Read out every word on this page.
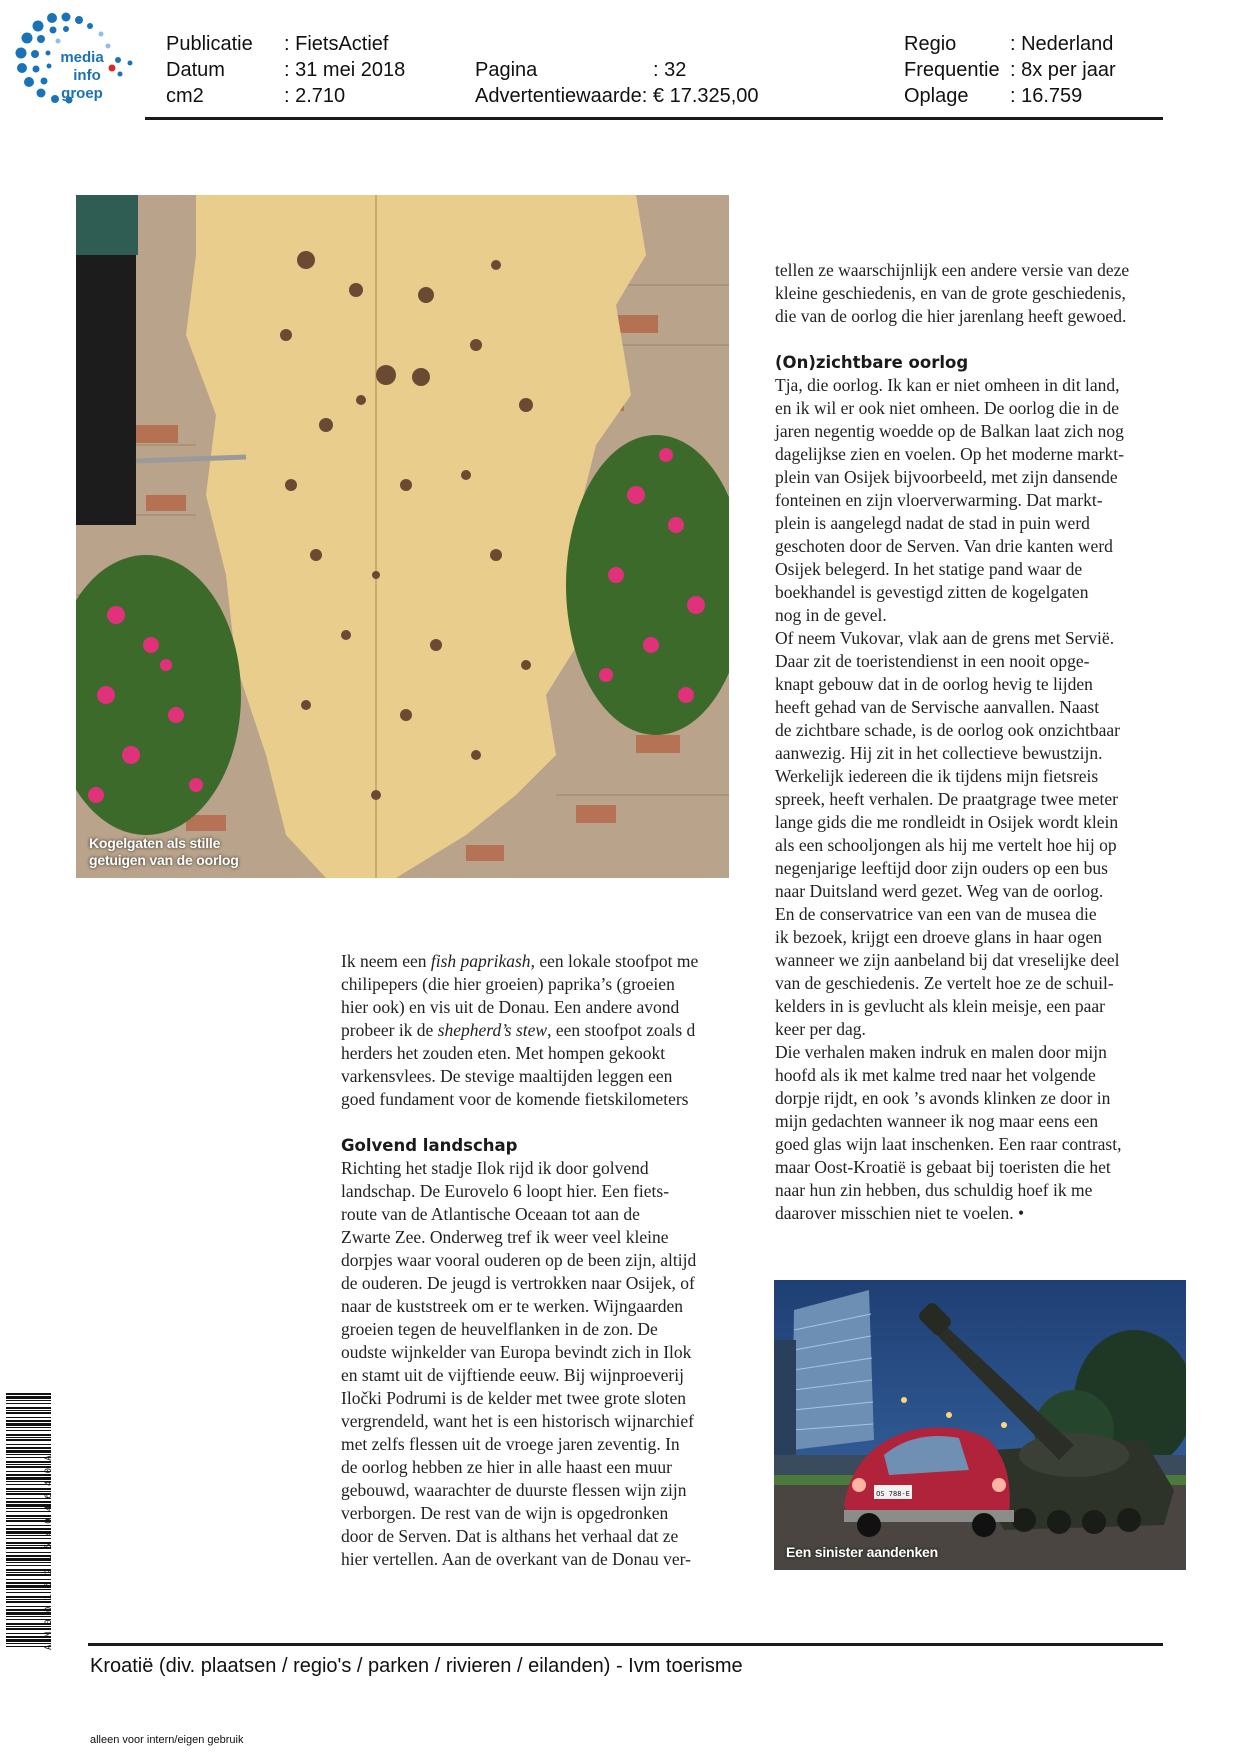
media
info
groep
Publicatie : FietsActief
Datum	: 31 mei 2018
cm2	: 2.710
Pagina	: 32
Advertentiewaarde: € 17.325,00
Regio	: Nederland
Frequentie : 8x per jaar
Oplage : 16.759
Kogelgaten als stille
getuigen van de oorlog

tellen ze waarschijnlijk een andere versie van deze

kleine geschiedenis, en van de grote geschiedenis,

die van de oorlog die hier jarenlang heeft gewoed.

(On)zichtbare oorlog

Tja, die oorlog. Ik kan er niet omheen in dit land,

en ik wil er ook niet omheen. De oorlog die in de

jaren negentig woedde op de Balkan laat zich nog

dagelijkse zien en voelen. Op het moderne markt-

plein van Osijek bijvoorbeeld, met zijn dansende

fonteinen en zijn vloerverwarming. Dat markt-

plein is aangelegd nadat de stad in puin werd

geschoten door de Serven. Van drie kanten werd

Osijek belegerd. In het statige pand waar de

boekhandel is gevestigd zitten de kogelgaten

nog in de gevel.

Of neem Vukovar, vlak aan de grens met Servië.

Daar zit de toeristendienst in een nooit opge-

knapt gebouw dat in de oorlog hevig te lijden

heeft gehad van de Servische aanvallen. Naast

de zichtbare schade, is de oorlog ook onzichtbaar

aanwezig. Hij zit in het collectieve bewustzijn.

Werkelijk iedereen die ik tijdens mijn fietsreis

spreek, heeft verhalen. De praatgrage twee meter

lange gids die me rondleidt in Osijek wordt klein

als een schooljongen als hij me vertelt hoe hij op

negenjarige leeftijd door zijn ouders op een bus

naar Duitsland werd gezet. Weg van de oorlog.

En de conservatrice van een van de musea die

ik bezoek, krijgt een droeve glans in haar ogen

wanneer we zijn aanbeland bij dat vreselijke deel

van de geschiedenis. Ze vertelt hoe ze de schuil-

kelders in is gevlucht als klein meisje, een paar

keer per dag.

Die verhalen maken indruk en malen door mijn

hoofd als ik met kalme tred naar het volgende

dorpje rijdt, en ook ’s avonds klinken ze door in

mijn gedachten wanneer ik nog maar eens een

goed glas wijn laat inschenken. Een raar contrast,

maar Oost-Kroatië is gebaat bij toeristen die het

naar hun zin hebben, dus schuldig hoef ik me

daarover misschien niet te voelen. •

Ik neem een fish paprikash, een lokale stoofpot me

chilipepers (die hier groeien) paprika’s (groeien

hier ook) en vis uit de Donau. Een andere avond

probeer ik de shepherd’s stew, een stoofpot zoals d

herders het zouden eten. Met hompen gekookt

varkensvlees. De stevige maaltijden leggen een

goed fundament voor de komende fietskilometers

Golvend landschap

Richting het stadje Ilok rijd ik door golvend

landschap. De Eurovelo 6 loopt hier. Een fiets-

route van de Atlantische Oceaan tot aan de

Zwarte Zee. Onderweg tref ik weer veel kleine

dorpjes waar vooral ouderen op de been zijn, altijd

de ouderen. De jeugd is vertrokken naar Osijek, of

naar de kuststreek om er te werken. Wijngaarden

groeien tegen de heuvelflanken in de zon. De

oudste wijnkelder van Europa bevindt zich in Ilok

en stamt uit de vijftiende eeuw. Bij wijnproeverij

Iločki Podrumi is de kelder met twee grote sloten

vergrendeld, want het is een historisch wijnarchief

met zelfs flessen uit de vroege jaren zeventig. In

de oorlog hebben ze hier in alle haast een muur

gebouwd, waarachter de duurste flessen wijn zijn

verborgen. De rest van de wijn is opgedronken

door de Serven. Dat is althans het verhaal dat ze

hier vertellen. Aan de overkant van de Donau ver-

OS 788-E
Een sinister aandenken
AM0015215404640A
Kroatië (div. plaatsen / regio's / parken / rivieren / eilanden) - Ivm toerisme
alleen voor intern/eigen gebruik
